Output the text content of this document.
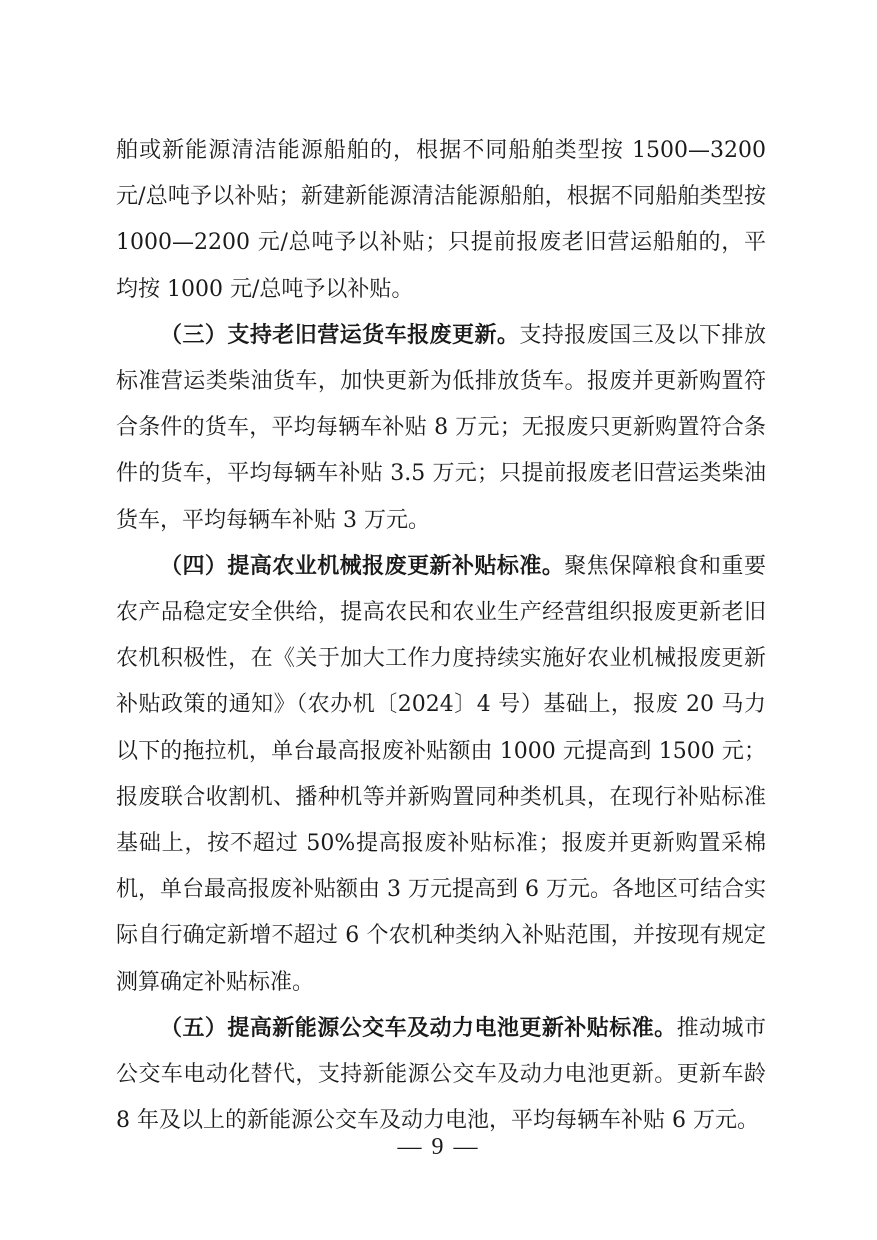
舶或新能源清洁能源船舶的，根据不同船舶类型按 1500—3200 元/总吨予以补贴；新建新能源清洁能源船舶，根据不同船舶类型按 1000—2200 元/总吨予以补贴；只提前报废老旧营运船舶的，平均按 1000 元/总吨予以补贴。

（三）支持老旧营运货车报废更新。支持报废国三及以下排放标准营运类柴油货车，加快更新为低排放货车。报废并更新购置符合条件的货车，平均每辆车补贴 8 万元；无报废只更新购置符合条件的货车，平均每辆车补贴 3.5 万元；只提前报废老旧营运类柴油货车，平均每辆车补贴 3 万元。

（四）提高农业机械报废更新补贴标准。聚焦保障粮食和重要农产品稳定安全供给，提高农民和农业生产经营组织报废更新老旧农机积极性，在《关于加大工作力度持续实施好农业机械报废更新补贴政策的通知》（农办机〔2024〕4 号）基础上，报废 20 马力以下的拖拉机，单台最高报废补贴额由 1000 元提高到 1500 元；报废联合收割机、播种机等并新购置同种类机具，在现行补贴标准基础上，按不超过 50%提高报废补贴标准；报废并更新购置采棉机，单台最高报废补贴额由 3 万元提高到 6 万元。各地区可结合实际自行确定新增不超过 6 个农机种类纳入补贴范围，并按现有规定测算确定补贴标准。

（五）提高新能源公交车及动力电池更新补贴标准。推动城市公交车电动化替代，支持新能源公交车及动力电池更新。更新车龄 8 年及以上的新能源公交车及动力电池，平均每辆车补贴 6 万元。

— 9 —
